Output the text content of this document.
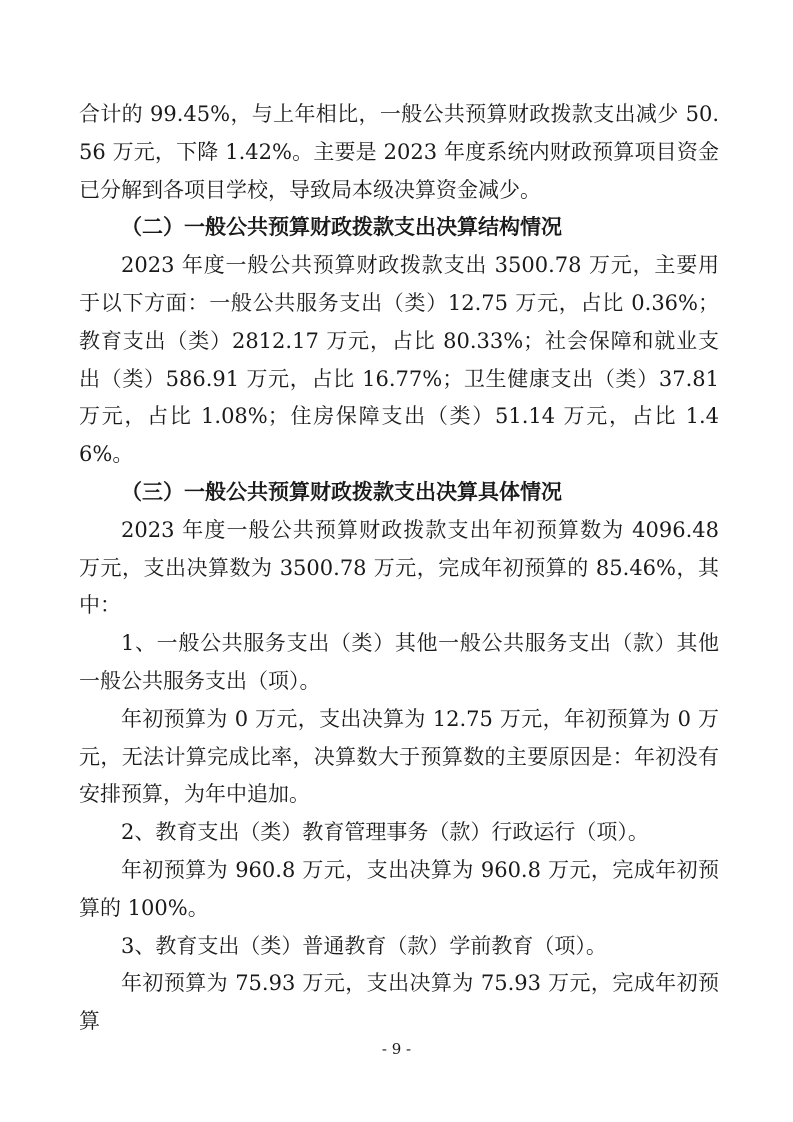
合计的 99.45%，与上年相比，一般公共预算财政拨款支出减少 50.56 万元，下降 1.42%。主要是 2023 年度系统内财政预算项目资金已分解到各项目学校，导致局本级决算资金减少。

（二）一般公共预算财政拨款支出决算结构情况

2023 年度一般公共预算财政拨款支出 3500.78 万元，主要用于以下方面：一般公共服务支出（类）12.75 万元，占比 0.36%；教育支出（类）2812.17 万元，占比 80.33%；社会保障和就业支出（类）586.91 万元，占比 16.77%；卫生健康支出（类）37.81 万元，占比 1.08%；住房保障支出（类）51.14 万元，占比 1.46%。

（三）一般公共预算财政拨款支出决算具体情况

2023 年度一般公共预算财政拨款支出年初预算数为 4096.48 万元，支出决算数为 3500.78 万元，完成年初预算的 85.46%，其中：

1、一般公共服务支出（类）其他一般公共服务支出（款）其他一般公共服务支出（项）。

年初预算为 0 万元，支出决算为 12.75 万元，年初预算为 0 万元，无法计算完成比率，决算数大于预算数的主要原因是：年初没有安排预算，为年中追加。

2、教育支出（类）教育管理事务（款）行政运行（项）。

年初预算为 960.8 万元，支出决算为 960.8 万元，完成年初预算的 100%。

3、教育支出（类）普通教育（款）学前教育（项）。

年初预算为 75.93 万元，支出决算为 75.93 万元，完成年初预算

- 9 -
